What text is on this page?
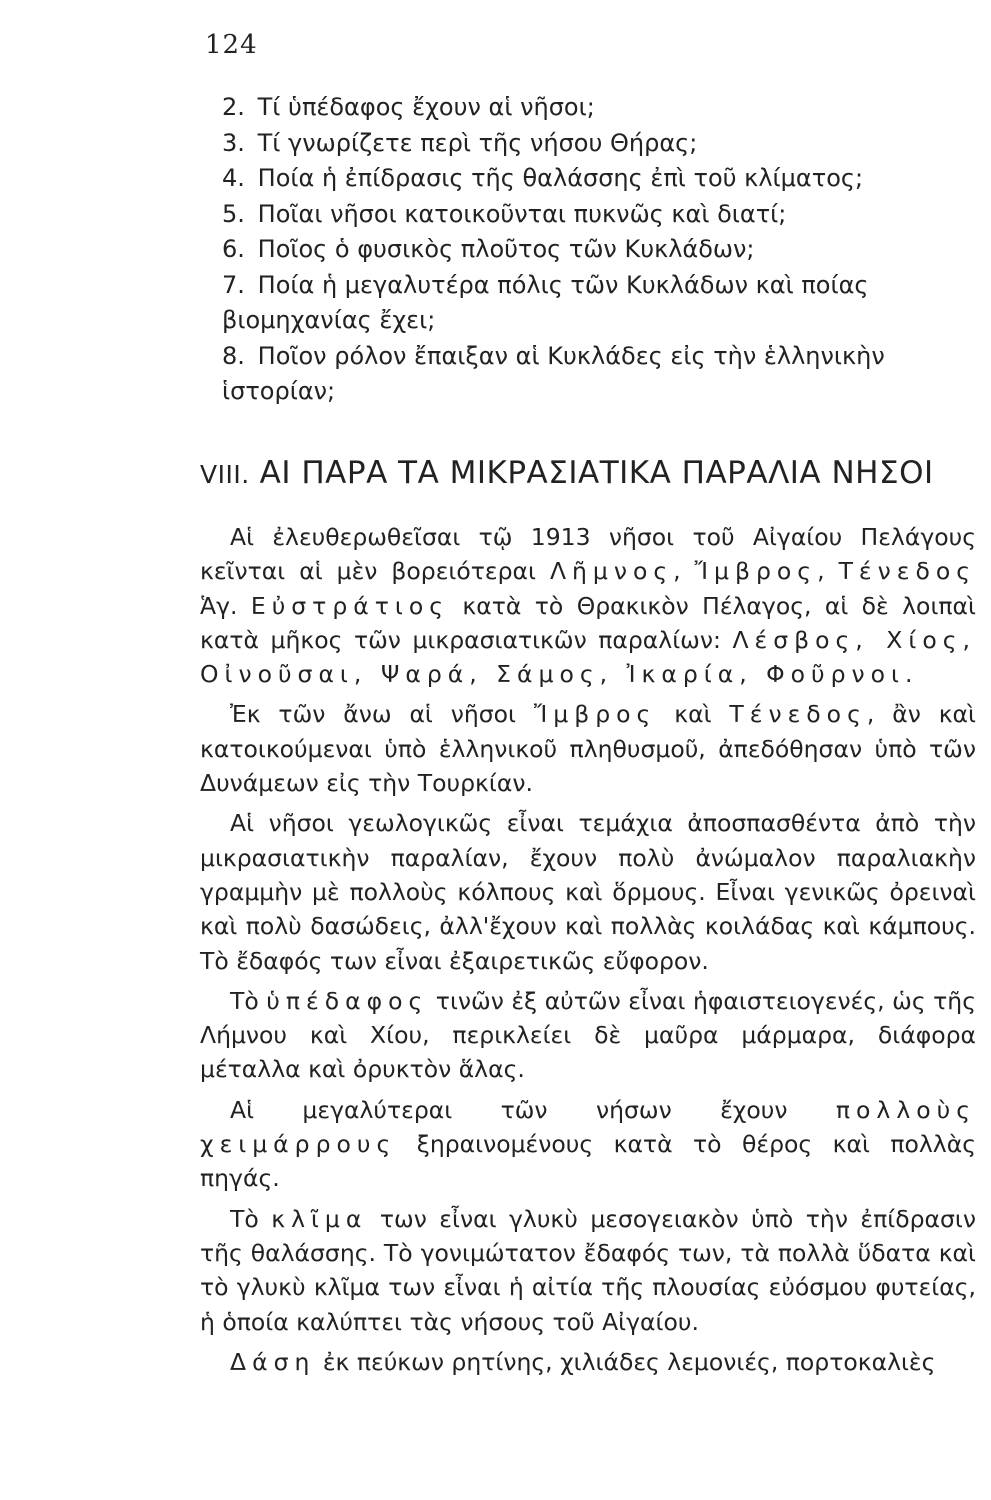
124

2. Τί ὑπέδαφος ἔχουν αἱ νῆσοι;

3. Τί γνωρίζετε περὶ τῆς νήσου Θήρας;

4. Ποία ἡ ἐπίδρασις τῆς θαλάσσης ἐπὶ τοῦ κλίματος;

5. Ποῖαι νῆσοι κατοικοῦνται πυκνῶς καὶ διατί;

6. Ποῖος ὁ φυσικὸς πλοῦτος τῶν Κυκλάδων;

7. Ποία ἡ μεγαλυτέρα πόλις τῶν Κυκλάδων καὶ ποίας
βιομηχανίας ἔχει;

8. Ποῖον ρόλον ἔπαιξαν αἱ Κυκλάδες εἰς τὴν ἑλληνικὴν
ἱστορίαν;

VIII. ΑΙ ΠΑΡΑ ΤΑ ΜΙΚΡΑΣΙΑΤΙΚΑ ΠΑΡΑΛΙΑ ΝΗΣΟΙ

Αἱ ἐλευθερωθεῖσαι τῷ 1913 νῆσοι τοῦ Αἰγαίου Πελάγους κεῖνται αἱ μὲν βορειότεραι Λῆμνος, Ἴμβρος, Τένεδος Ἁγ. Εὐστράτιος κατὰ τὸ Θρακικὸν Πέλαγος, αἱ δὲ λοιπαὶ κατὰ μῆκος τῶν μικρασιατικῶν παραλίων: Λέσβος, Χίος, Οἰνοῦσαι, Ψαρά, Σάμος, Ἰκαρία, Φοῦρνοι.

Ἐκ τῶν ἄνω αἱ νῆσοι Ἴμβρος καὶ Τένεδος, ἂν καὶ κατοικούμεναι ὑπὸ ἑλληνικοῦ πληθυσμοῦ, ἀπεδόθησαν ὑπὸ τῶν Δυνάμεων εἰς τὴν Τουρκίαν.

Αἱ νῆσοι γεωλογικῶς εἶναι τεμάχια ἀποσπασθέντα ἀπὸ τὴν μικρασιατικὴν παραλίαν, ἔχουν πολὺ ἀνώμαλον παραλιακὴν γραμμὴν μὲ πολλοὺς κόλπους καὶ ὅρμους. Εἶναι γενικῶς ὀρειναὶ καὶ πολὺ δασώδεις, ἀλλ'ἔχουν καὶ πολλὰς κοιλάδας καὶ κάμπους. Τὸ ἔδαφός των εἶναι ἐξαιρετικῶς εὔφορον.

Τὸ ὑπέδαφος τινῶν ἐξ αὐτῶν εἶναι ἡφαιστειογενές, ὡς τῆς Λήμνου καὶ Χίου, περικλείει δὲ μαῦρα μάρμαρα, διάφορα μέταλλα καὶ ὀρυκτὸν ἅλας.

Αἱ μεγαλύτεραι τῶν νήσων ἔχουν πολλοὺς χειμάρρους ξηραινομένους κατὰ τὸ θέρος καὶ πολλὰς πηγάς.

Τὸ κλῖμα των εἶναι γλυκὺ μεσογειακὸν ὑπὸ τὴν ἐπίδρασιν τῆς θαλάσσης. Τὸ γονιμώτατον ἔδαφός των, τὰ πολλὰ ὕδατα καὶ τὸ γλυκὺ κλῖμα των εἶναι ἡ αἰτία τῆς πλουσίας εὐόσμου φυτείας, ἡ ὁποία καλύπτει τὰς νήσους τοῦ Αἰγαίου.

Δάση ἐκ πεύκων ρητίνης, χιλιάδες λεμονιές, πορτοκαλιὲς
